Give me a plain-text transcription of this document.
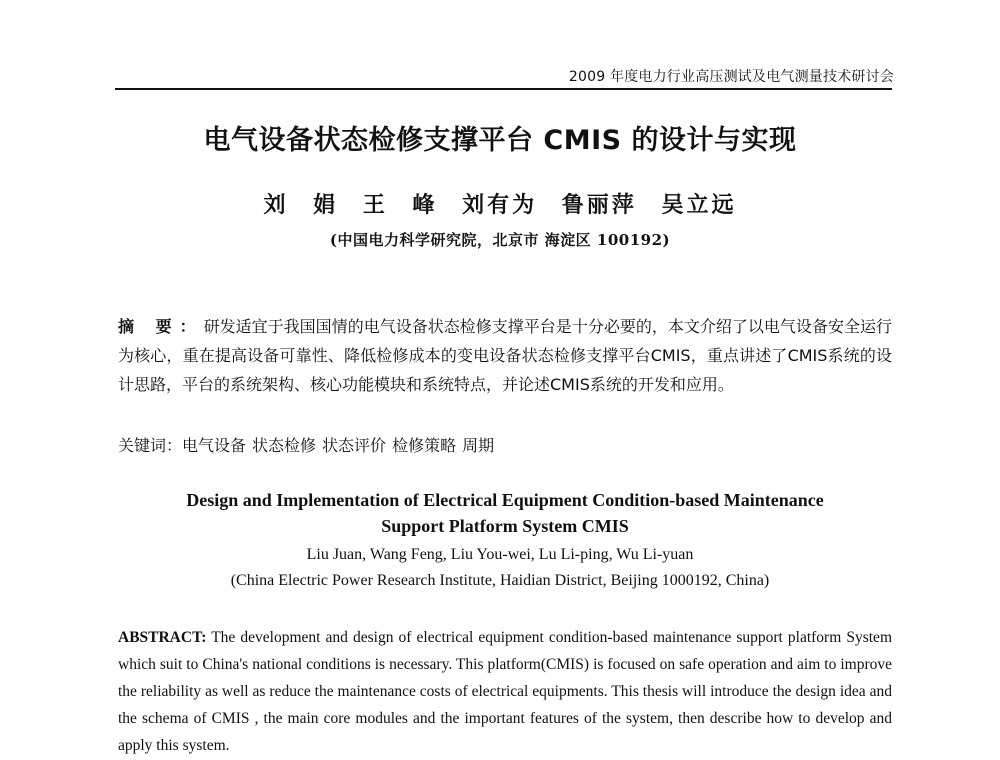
2009 年度电力行业高压测试及电气测量技术研讨会
电气设备状态检修支撑平台 CMIS 的设计与实现
刘 娟 王 峰 刘有为 鲁丽萍 吴立远
(中国电力科学研究院，北京市 海淀区 100192)
摘 要：研发适宜于我国国情的电气设备状态检修支撑平台是十分必要的，本文介绍了以电气设备安全运行为核心，重在提高设备可靠性、降低检修成本的变电设备状态检修支撑平台CMIS，重点讲述了CMIS系统的设计思路，平台的系统架构、核心功能模块和系统特点，并论述CMIS系统的开发和应用。
关键词：电气设备 状态检修 状态评价 检修策略 周期
Design and Implementation of Electrical Equipment Condition-based Maintenance
Support Platform System CMIS
Liu Juan, Wang Feng, Liu You-wei, Lu Li-ping, Wu Li-yuan
(China Electric Power Research Institute, Haidian District, Beijing 1000192, China)
ABSTRACT: The development and design of electrical equipment condition-based maintenance support platform System which suit to China's national conditions is necessary. This platform(CMIS) is focused on safe operation and aim to improve the reliability as well as reduce the maintenance costs of electrical equipments. This thesis will introduce the design idea and the schema of CMIS , the main core modules and the important features of the system, then describe how to develop and apply this system.
